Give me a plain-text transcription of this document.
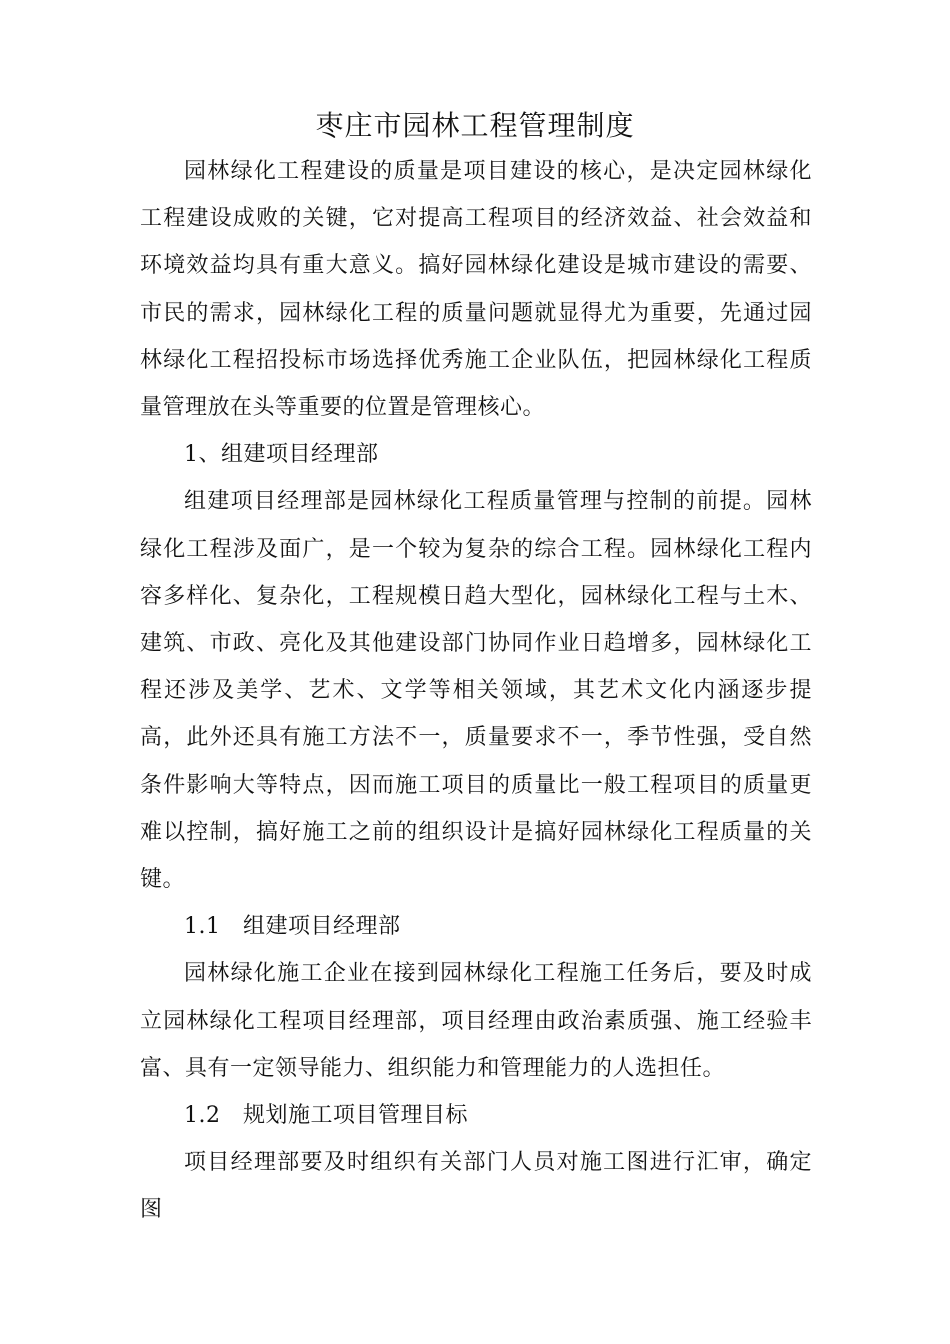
枣庄市园林工程管理制度

园林绿化工程建设的质量是项目建设的核心，是决定园林绿化工程建设成败的关键，它对提高工程项目的经济效益、社会效益和环境效益均具有重大意义。搞好园林绿化建设是城市建设的需要、市民的需求，园林绿化工程的质量问题就显得尤为重要，先通过园林绿化工程招投标市场选择优秀施工企业队伍，把园林绿化工程质量管理放在头等重要的位置是管理核心。

1、组建项目经理部

组建项目经理部是园林绿化工程质量管理与控制的前提。园林绿化工程涉及面广，是一个较为复杂的综合工程。园林绿化工程内容多样化、复杂化，工程规模日趋大型化，园林绿化工程与土木、建筑、市政、亮化及其他建设部门协同作业日趋增多，园林绿化工程还涉及美学、艺术、文学等相关领域，其艺术文化内涵逐步提高，此外还具有施工方法不一，质量要求不一，季节性强，受自然条件影响大等特点，因而施工项目的质量比一般工程项目的质量更难以控制，搞好施工之前的组织设计是搞好园林绿化工程质量的关键。

1.1　组建项目经理部

园林绿化施工企业在接到园林绿化工程施工任务后，要及时成立园林绿化工程项目经理部，项目经理由政治素质强、施工经验丰富、具有一定领导能力、组织能力和管理能力的人选担任。

1.2　规划施工项目管理目标

项目经理部要及时组织有关部门人员对施工图进行汇审，确定图
